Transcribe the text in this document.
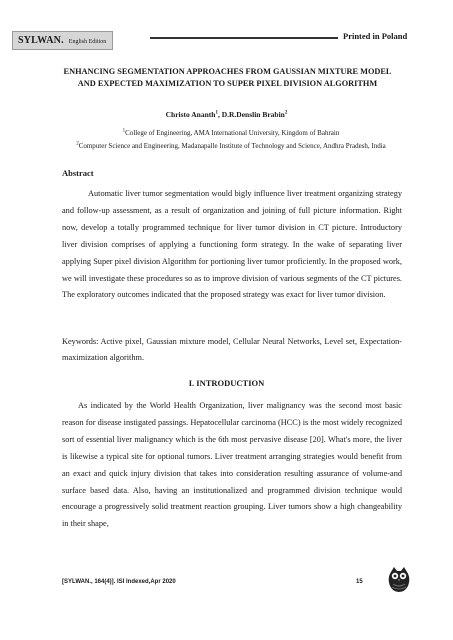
SYLWAN. English Edition
Printed in Poland
ENHANCING SEGMENTATION APPROACHES FROM GAUSSIAN MIXTURE MODEL AND EXPECTED MAXIMIZATION TO SUPER PIXEL DIVISION ALGORITHM
Christo Ananth$^1$, D.R.Denslin Brabin$^2$
$^1$College of Engineering, AMA International University, Kingdom of Bahrain
$^2$Computer Science and Engineering, Madanapalle Institute of Technology and Science, Andhra Pradesh, India
Abstract

Automatic liver tumor segmentation would bigly influence liver treatment organizing strategy and follow-up assessment, as a result of organization and joining of full picture information. Right now, develop a totally programmed technique for liver tumor division in CT picture. Introductory liver division comprises of applying a functioning form strategy. In the wake of separating liver applying Super pixel division Algorithm for portioning liver tumor proficiently. In the proposed work, we will investigate these procedures so as to improve division of various segments of the CT pictures. The exploratory outcomes indicated that the proposed strategy was exact for liver tumor division.

Keywords: Active pixel, Gaussian mixture model, Cellular Neural Networks, Level set, Expectation-maximization algorithm.

I. INTRODUCTION

As indicated by the World Health Organization, liver malignancy was the second most basic reason for disease instigated passings. Hepatocellular carcinoma (HCC) is the most widely recognized sort of essential liver malignancy which is the 6th most pervasive disease [20]. What's more, the liver is likewise a typical site for optional tumors. Liver treatment arranging strategies would benefit from an exact and quick injury division that takes into consideration resulting assurance of volume-and surface based data. Also, having an institutionalized and programmed division technique would encourage a progressively solid treatment reaction grouping. Liver tumors show a high changeability in their shape,

[SYLWAN., 164(4)]. ISI Indexed,Apr 2020	15
